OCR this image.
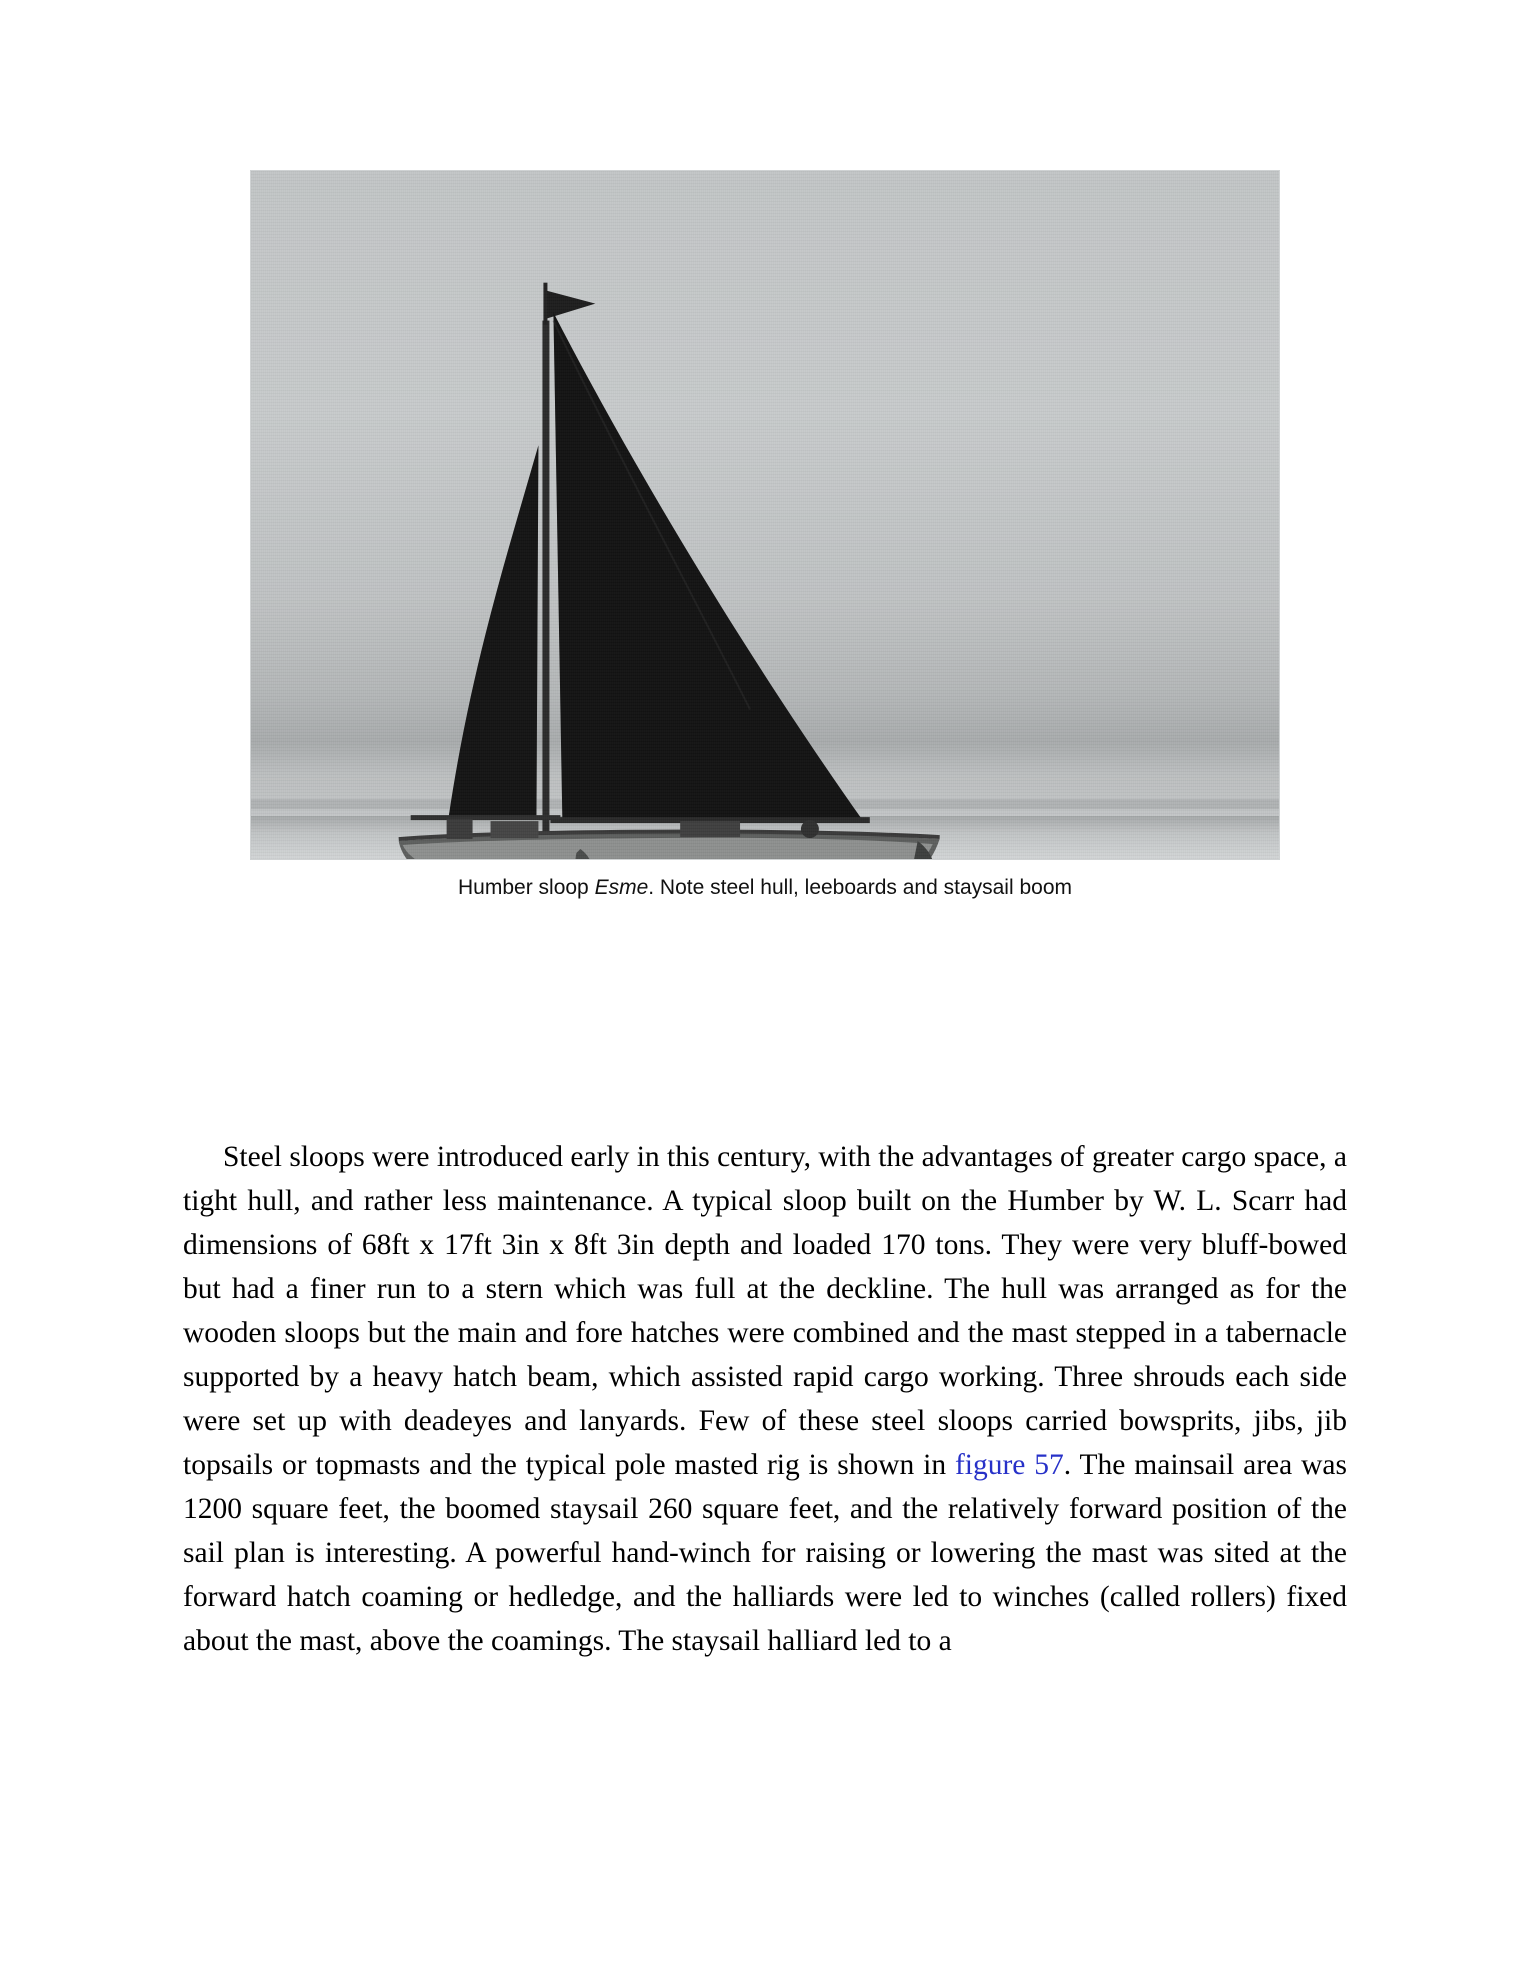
Humber sloop Esme. Note steel hull, leeboards and staysail boom
Steel sloops were introduced early in this century, with the advantages of greater cargo space, a tight hull, and rather less maintenance. A typical sloop built on the Humber by W. L. Scarr had dimensions of 68ft x 17ft 3in x 8ft 3in depth and loaded 170 tons. They were very bluff-bowed but had a finer run to a stern which was full at the deckline. The hull was arranged as for the wooden sloops but the main and fore hatches were combined and the mast stepped in a tabernacle supported by a heavy hatch beam, which assisted rapid cargo working. Three shrouds each side were set up with deadeyes and lanyards. Few of these steel sloops carried bowsprits, jibs, jib topsails or topmasts and the typical pole masted rig is shown in figure 57. The mainsail area was 1200 square feet, the boomed staysail 260 square feet, and the relatively forward position of the sail plan is interesting. A powerful hand-winch for raising or lowering the mast was sited at the forward hatch coaming or hedledge, and the halliards were led to winches (called rollers) fixed about the mast, above the coamings. The staysail halliard led to a
